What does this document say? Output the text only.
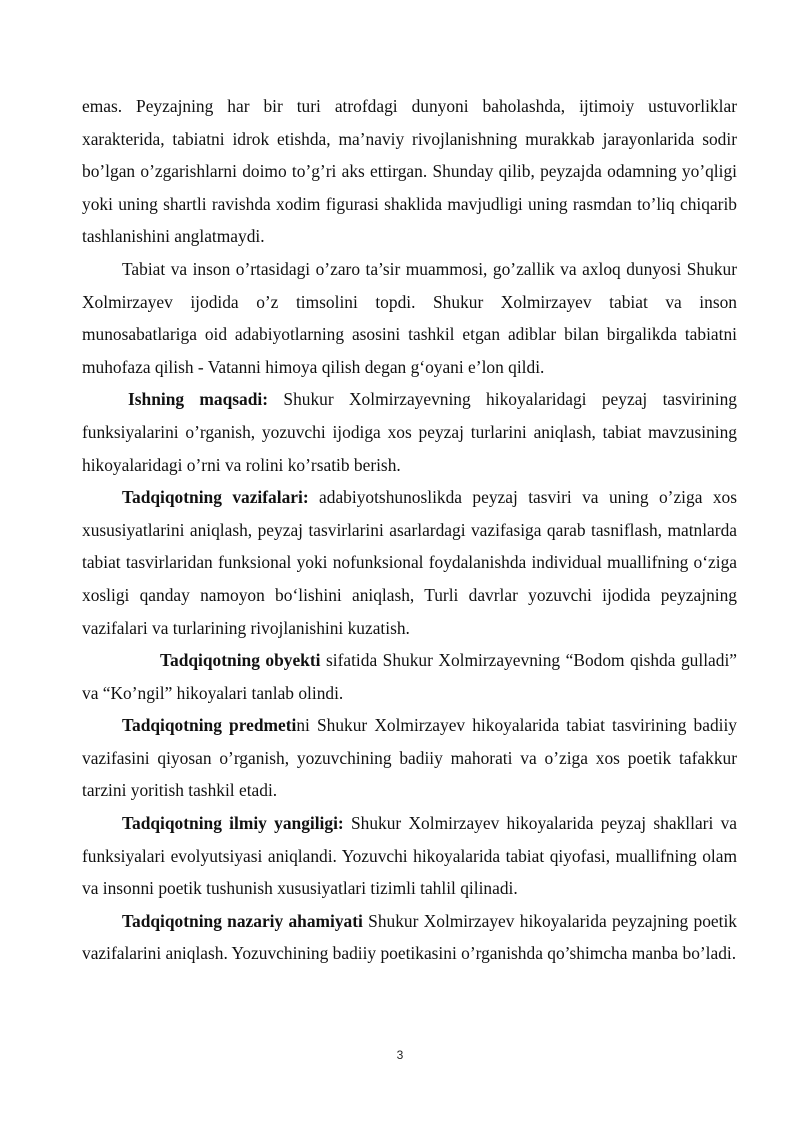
emas. Peyzajning har bir turi atrofdagi dunyoni baholashda, ijtimoiy ustuvorliklar xarakterida, tabiatni idrok etishda, ma’naviy rivojlanishning murakkab jarayonlarida sodir bo’lgan o’zgarishlarni doimo to’g’ri aks ettirgan. Shunday qilib, peyzajda odamning yo’qligi yoki uning shartli ravishda xodim figurasi shaklida mavjudligi uning rasmdan to’liq chiqarib tashlanishini anglatmaydi.

Tabiat va inson o’rtasidagi o’zaro ta’sir muammosi, go’zallik va axloq dunyosi Shukur Xolmirzayev ijodida o’z timsolini topdi. Shukur Xolmirzayev tabiat va inson munosabatlariga oid adabiyotlarning asosini tashkil etgan adiblar bilan birgalikda tabiatni muhofaza qilish - Vatanni himoya qilish degan g‘oyani e’lon qildi.

Ishning maqsadi: Shukur Xolmirzayevning hikoyalaridagi peyzaj tasvirining funksiyalarini o’rganish, yozuvchi ijodiga xos peyzaj turlarini aniqlash, tabiat mavzusining hikoyalaridagi o’rni va rolini ko’rsatib berish.

Tadqiqotning vazifalari: adabiyotshunoslikda peyzaj tasviri va uning o’ziga xos xususiyatlarini aniqlash, peyzaj tasvirlarini asarlardagi vazifasiga qarab tasniflash, matnlarda tabiat tasvirlaridan funksional yoki nofunksional foydalanishda individual muallifning o‘ziga xosligi qanday namoyon bo‘lishini aniqlash, Turli davrlar yozuvchi ijodida peyzajning vazifalari va turlarining rivojlanishini kuzatish.

Tadqiqotning obyekti sifatida Shukur Xolmirzayevning “Bodom qishda gulladi” va “Ko’ngil” hikoyalari tanlab olindi.

Tadqiqotning predmetini Shukur Xolmirzayev hikoyalarida tabiat tasvirining badiiy vazifasini qiyosan o’rganish, yozuvchining badiiy mahorati va o’ziga xos poetik tafakkur tarzini yoritish tashkil etadi.

Tadqiqotning ilmiy yangiligi: Shukur Xolmirzayev hikoyalarida peyzaj shakllari va funksiyalari evolyutsiyasi aniqlandi. Yozuvchi hikoyalarida tabiat qiyofasi, muallifning olam va insonni poetik tushunish xususiyatlari tizimli tahlil qilinadi.

Tadqiqotning nazariy ahamiyati Shukur Xolmirzayev hikoyalarida peyzajning poetik vazifalarini aniqlash. Yozuvchining badiiy poetikasini o’rganishda qo’shimcha manba bo’ladi.

3
